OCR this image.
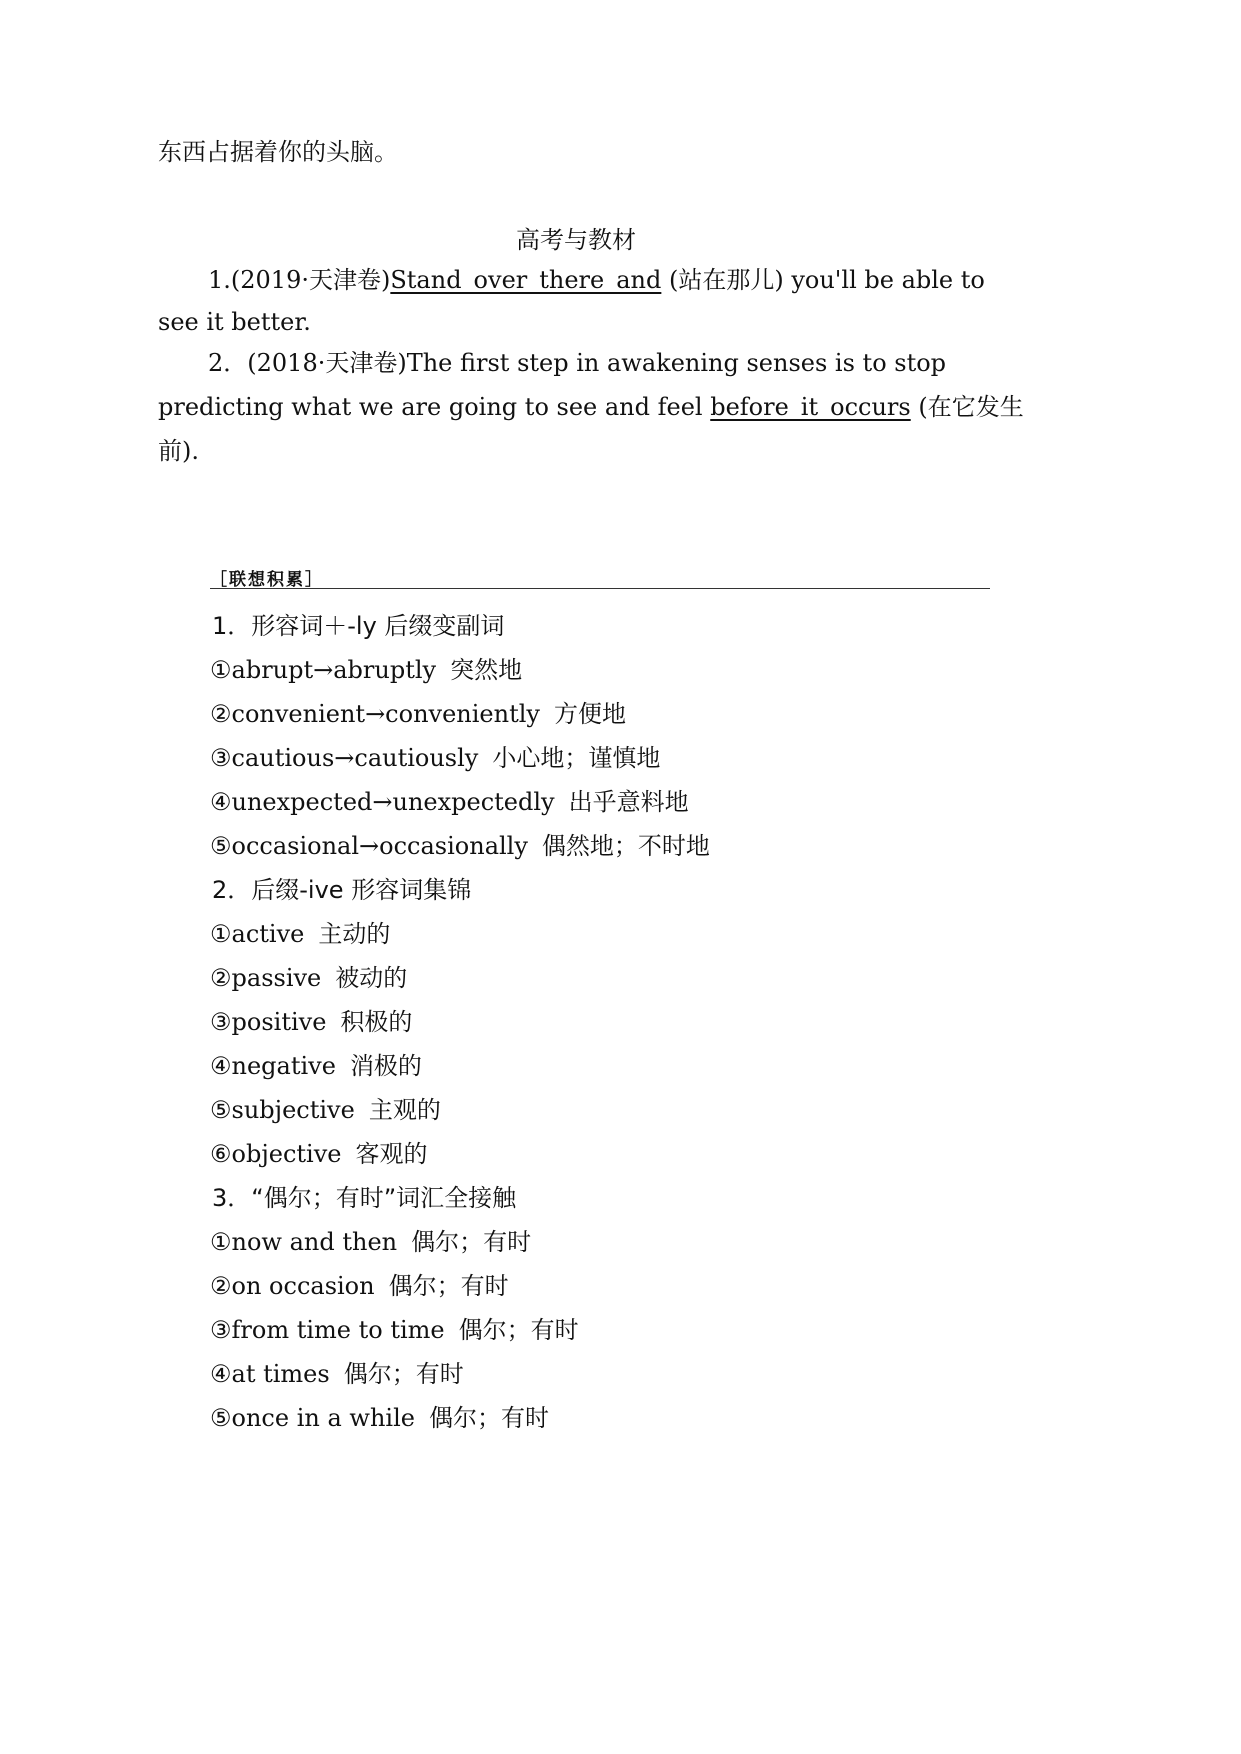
东西占据着你的头脑。
高考与教材
1.(2019·天津卷)Stand_over_there_and (站在那儿) you'll be able to
see it better.
2．(2018·天津卷)The first step in awakening senses is to stop
predicting what we are going to see and feel before_it_occurs (在它发生
前).
［联想积累］
1．形容词＋-ly 后缀变副词
①abrupt→abruptly 突然地
②convenient→conveniently 方便地
③cautious→cautiously 小心地；谨慎地
④unexpected→unexpectedly 出乎意料地
⑤occasional→occasionally 偶然地；不时地
2．后缀-ive 形容词集锦
①active 主动的
②passive 被动的
③positive 积极的
④negative 消极的
⑤subjective 主观的
⑥objective 客观的
3．“偶尔；有时”词汇全接触
①now and then 偶尔；有时
②on occasion 偶尔；有时
③from time to time 偶尔；有时
④at times 偶尔；有时
⑤once in a while 偶尔；有时
